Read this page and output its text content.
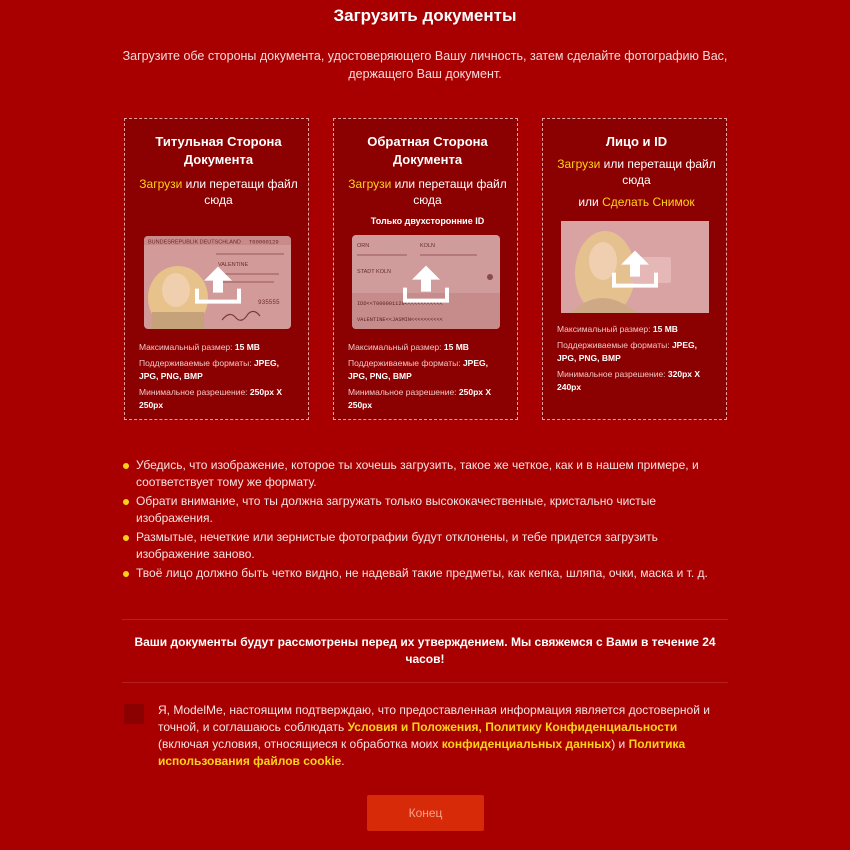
Загрузить документы
Загрузите обе стороны документа, удостоверяющего Вашу личность, затем сделайте фотографию Вас, держащего Ваш документ.
Титульная Сторона Документа
Загрузи или перетащи файл сюда
BUNDESREPUBLIK DEUTSCHLAND T00000129
VALENTINE
935555
Максимальный размер: 15 MB
Поддерживаемые форматы: JPEG, JPG, PNG, BMP
Минимальное разрешение: 250px X 250px
Обратная Сторона Документа
Загрузи или перетащи файл сюда
Только двухсторонние ID
ORN	KOLN
STADT KOLN
IDD<<T000001129<<<<<<<<<<<<
VALENTINE<<JASMIN<<<<<<<<<<
Максимальный размер: 15 MB
Поддерживаемые форматы: JPEG, JPG, PNG, BMP
Минимальное разрешение: 250px X 250px
Лицо и ID
Загрузи или перетащи файл сюда
или Сделать Снимок
Максимальный размер: 15 MB
Поддерживаемые форматы: JPEG, JPG, PNG, BMP
Минимальное разрешение: 320px X 240px
Убедись, что изображение, которое ты хочешь загрузить, такое же четкое, как и в нашем примере, и соответствует тому же формату.
Обрати внимание, что ты должна загружать только высококачественные, кристально чистые изображения.
Размытые, нечеткие или зернистые фотографии будут отклонены, и тебе придется загрузить изображение заново.
Твоё лицо должно быть четко видно, не надевай такие предметы, как кепка, шляпа, очки, маска и т. д.
Ваши документы будут рассмотрены перед их утверждением. Мы свяжемся с Вами в течение 24 часов!
Я, ModelMe, настоящим подтверждаю, что предоставленная информация является достоверной и точной, и соглашаюсь соблюдать Условия и Положения, Политику Конфиденциальности (включая условия, относящиеся к обработка моих конфиденциальных данных) и Политика использования файлов cookie.
Конец
